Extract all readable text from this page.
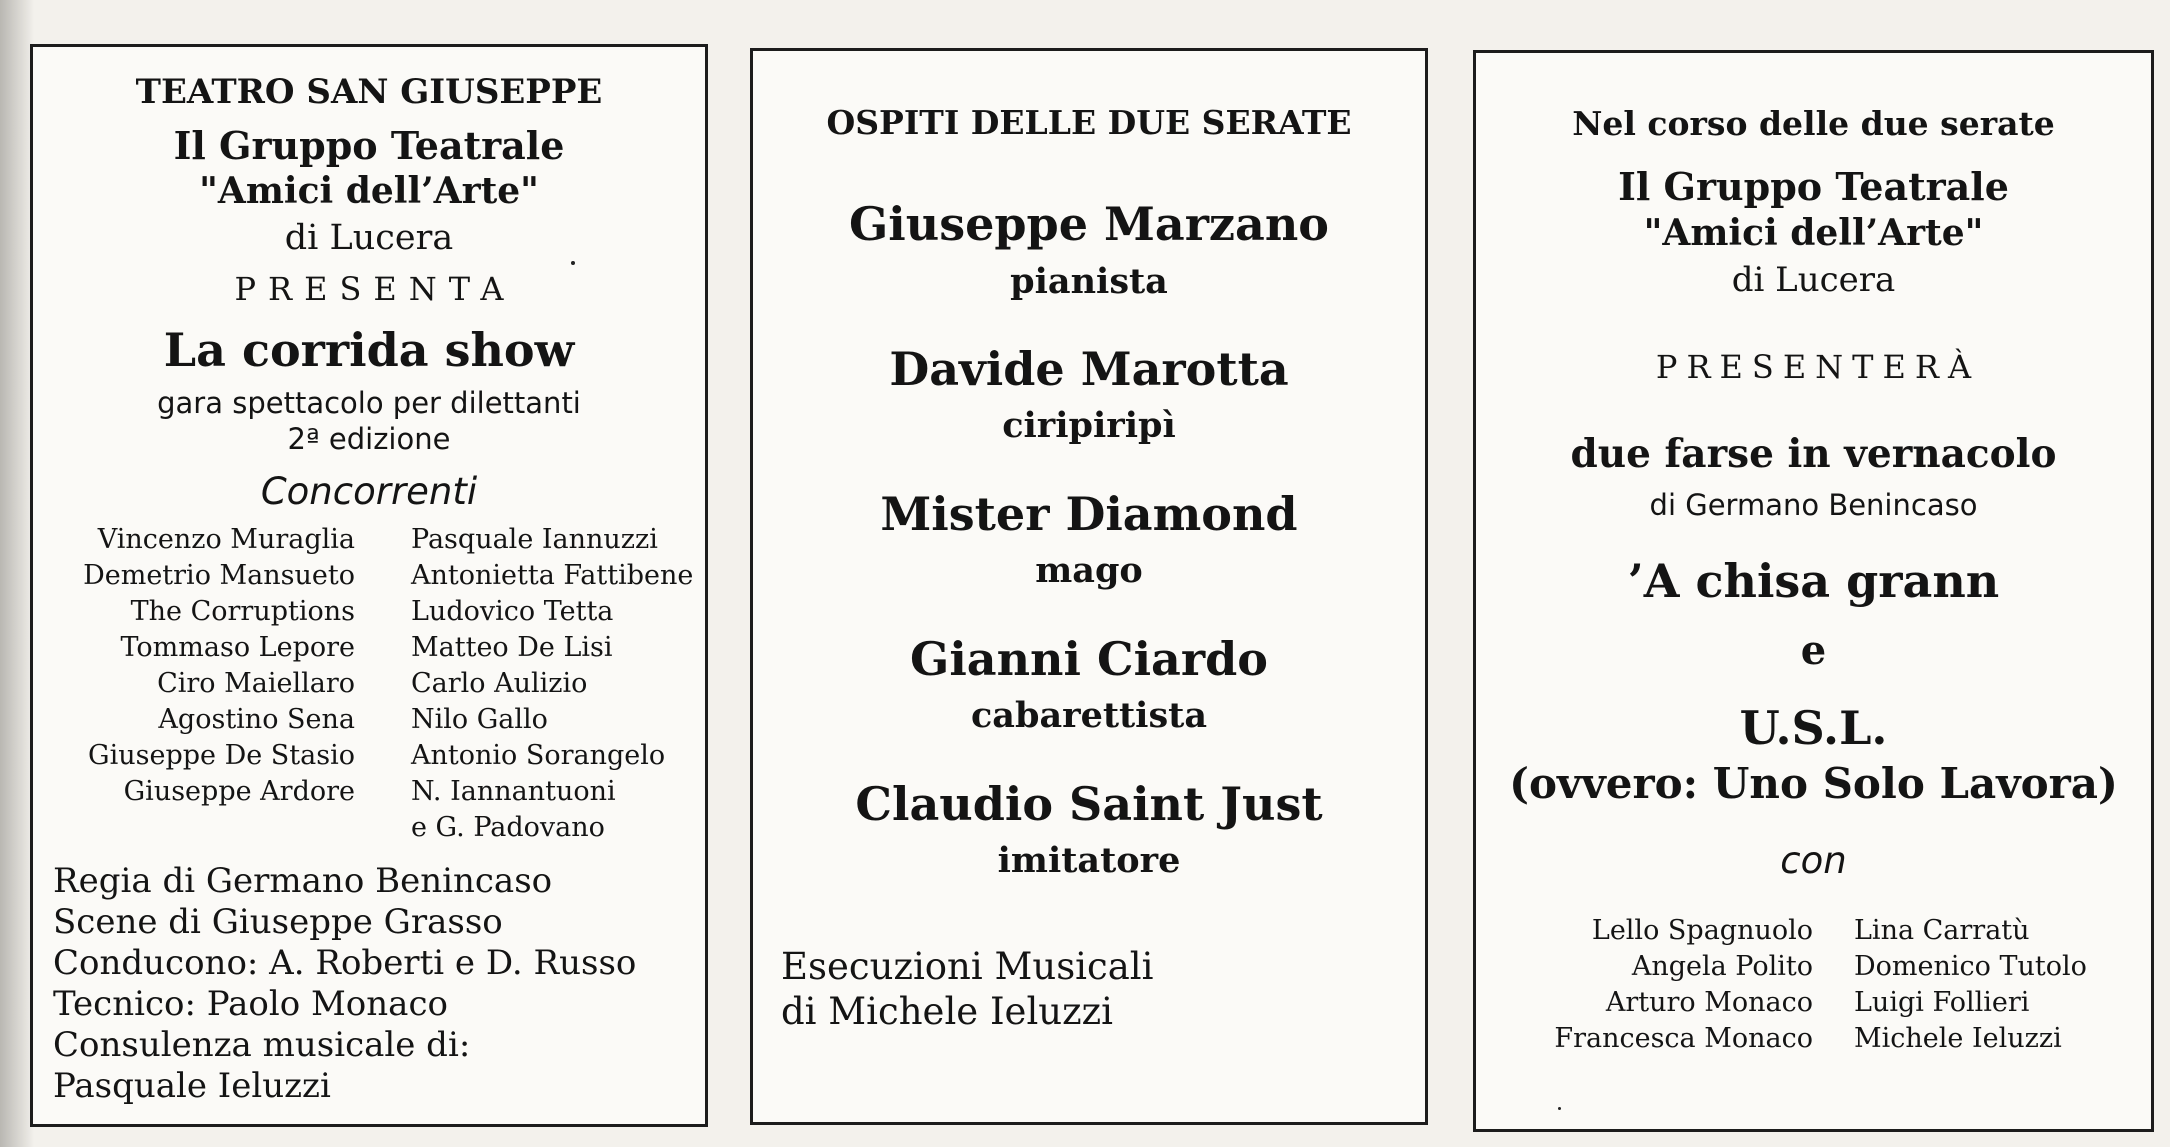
TEATRO SAN GIUSEPPE
Il Gruppo Teatrale
"Amici dell’Arte"
di Lucera
PRESENTA
La corrida show
gara spettacolo per dilettanti
2ª edizione
Concorrenti
Vincenzo Muraglia
Demetrio Mansueto
The Corruptions
Tommaso Lepore
Ciro Maiellaro
Agostino Sena
Giuseppe De Stasio
Giuseppe Ardore
Pasquale Iannuzzi
Antonietta Fattibene
Ludovico Tetta
Matteo De Lisi
Carlo Aulizio
Nilo Gallo
Antonio Sorangelo
N. Iannantuoni
e G. Padovano
Regia di Germano Benincaso
Scene di Giuseppe Grasso
Conducono: A. Roberti e D. Russo
Tecnico: Paolo Monaco
Consulenza musicale di:
Pasquale Ieluzzi
OSPITI DELLE DUE SERATE
Giuseppe Marzano
pianista
Davide Marotta
ciripiripì
Mister Diamond
mago
Gianni Ciardo
cabarettista
Claudio Saint Just
imitatore
Esecuzioni Musicali
di Michele Ieluzzi
Nel corso delle due serate
Il Gruppo Teatrale
"Amici dell’Arte"
di Lucera
PRESENTERÀ
due farse in vernacolo
di Germano Benincaso
’A chisa grann
e
U.S.L.
(ovvero: Uno Solo Lavora)
con
Lello Spagnuolo
Angela Polito
Arturo Monaco
Francesca Monaco
Lina Carratù
Domenico Tutolo
Luigi Follieri
Michele Ieluzzi
